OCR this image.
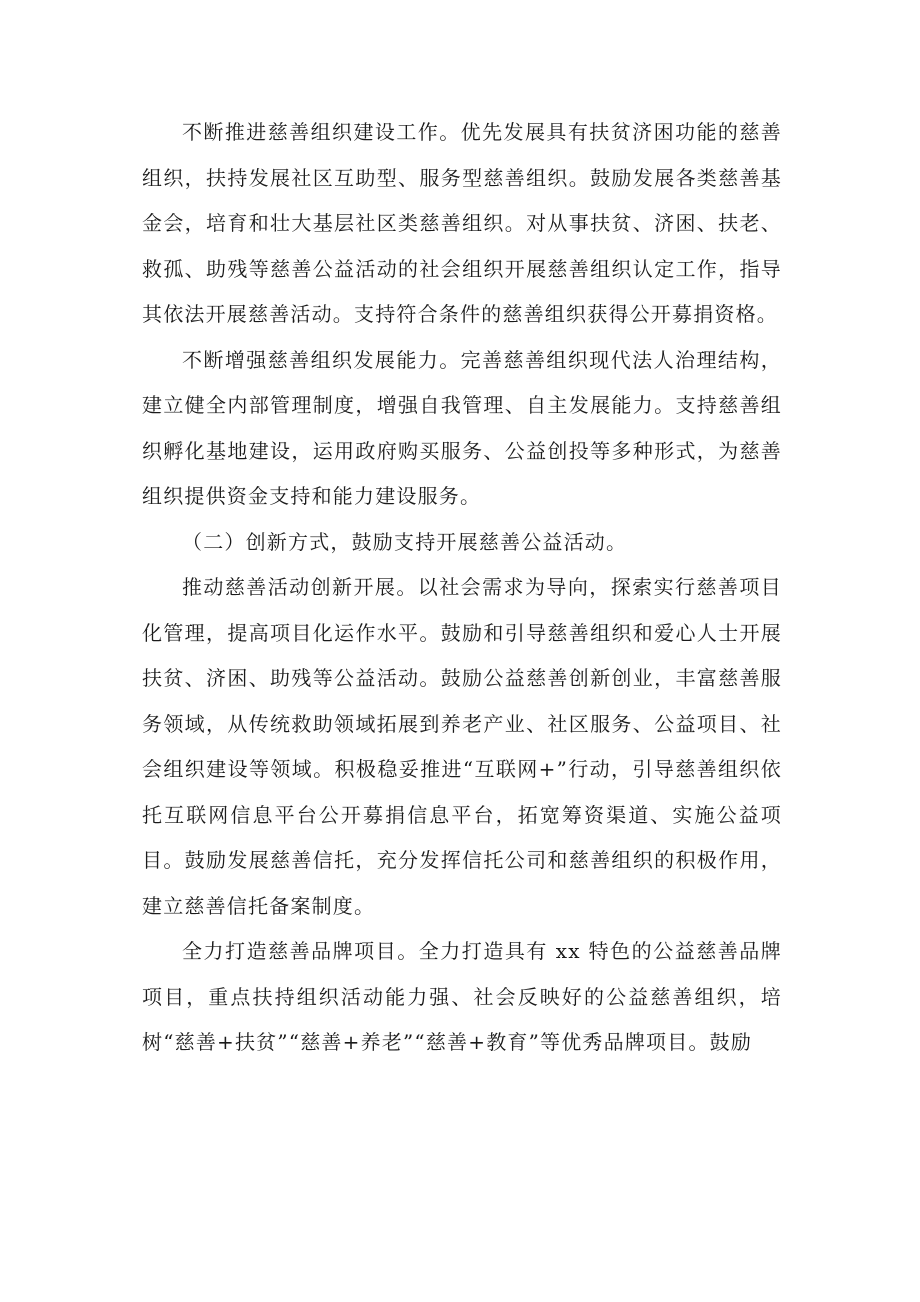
不断推进慈善组织建设工作。优先发展具有扶贫济困功能的慈善组织，扶持发展社区互助型、服务型慈善组织。鼓励发展各类慈善基金会，培育和壮大基层社区类慈善组织。对从事扶贫、济困、扶老、救孤、助残等慈善公益活动的社会组织开展慈善组织认定工作，指导其依法开展慈善活动。支持符合条件的慈善组织获得公开募捐资格。

不断增强慈善组织发展能力。完善慈善组织现代法人治理结构，建立健全内部管理制度，增强自我管理、自主发展能力。支持慈善组织孵化基地建设，运用政府购买服务、公益创投等多种形式，为慈善组织提供资金支持和能力建设服务。

（二）创新方式，鼓励支持开展慈善公益活动。

推动慈善活动创新开展。以社会需求为导向，探索实行慈善项目化管理，提高项目化运作水平。鼓励和引导慈善组织和爱心人士开展扶贫、济困、助残等公益活动。鼓励公益慈善创新创业，丰富慈善服务领域，从传统救助领域拓展到养老产业、社区服务、公益项目、社会组织建设等领域。积极稳妥推进“互联网+”行动，引导慈善组织依托互联网信息平台公开募捐信息平台，拓宽筹资渠道、实施公益项目。鼓励发展慈善信托，充分发挥信托公司和慈善组织的积极作用，建立慈善信托备案制度。

全力打造慈善品牌项目。全力打造具有 xx 特色的公益慈善品牌项目，重点扶持组织活动能力强、社会反映好的公益慈善组织，培树“慈善+扶贫”“慈善+养老”“慈善+教育”等优秀品牌项目。鼓励
